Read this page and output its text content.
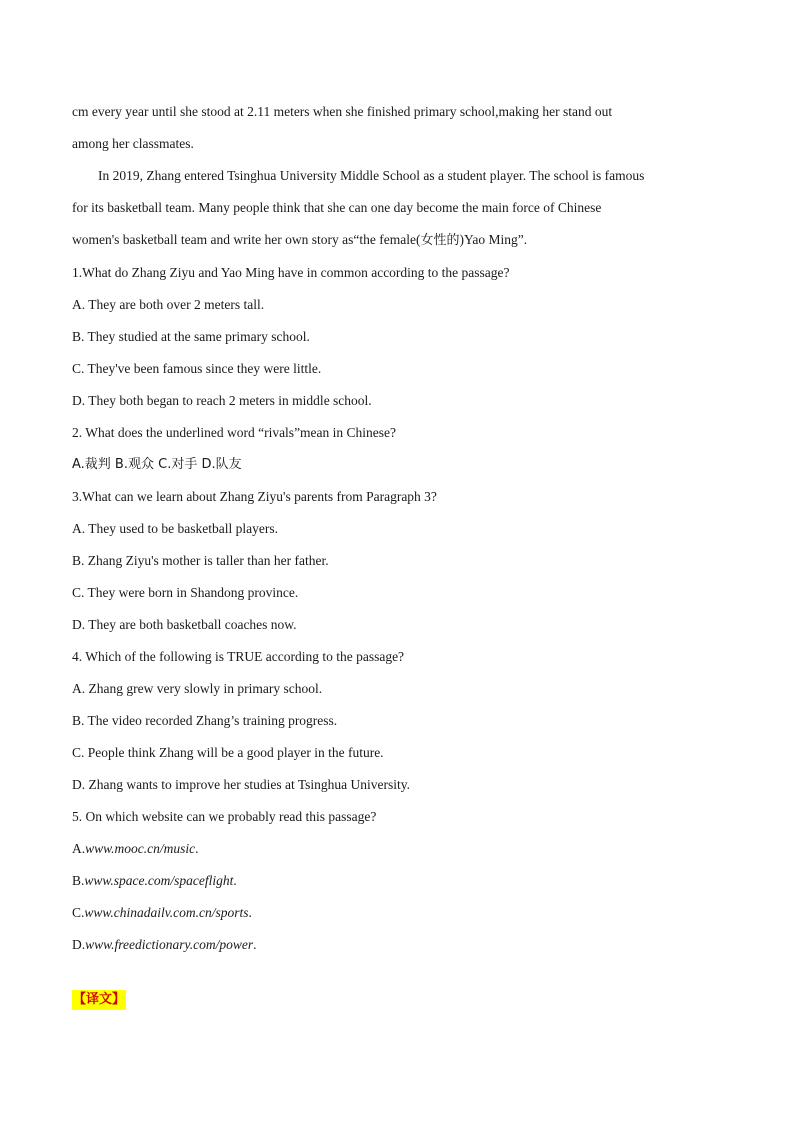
cm every year until she stood at 2.11 meters when she finished primary school,making her stand out

among her classmates.

In 2019, Zhang entered Tsinghua University Middle School as a student player. The school is famous

for its basketball team. Many people think that she can one day become the main force of Chinese

women's basketball team and write her own story as“the female(女性的)Yao Ming”.

1.What do Zhang Ziyu and Yao Ming have in common according to the passage?

A. They are both over 2 meters tall.

B. They studied at the same primary school.

C. They've been famous since they were little.

D. They both began to reach 2 meters in middle school.

2. What does the underlined word “rivals”mean in Chinese?

A.裁判 B.观众 C.对手 D.队友

3.What can we learn about Zhang Ziyu's parents from Paragraph 3?

A. They used to be basketball players.

B. Zhang Ziyu's mother is taller than her father.

C. They were born in Shandong province.

D. They are both basketball coaches now.

4. Which of the following is TRUE according to the passage?

A. Zhang grew very slowly in primary school.

B. The video recorded Zhang’s training progress.

C. People think Zhang will be a good player in the future.

D. Zhang wants to improve her studies at Tsinghua University.

5. On which website can we probably read this passage?

A.www.mooc.cn/music.

B.www.space.com/spaceflight.

C.www.chinadailv.com.cn/sports.

D.www.freedictionary.com/power.

【译文】
